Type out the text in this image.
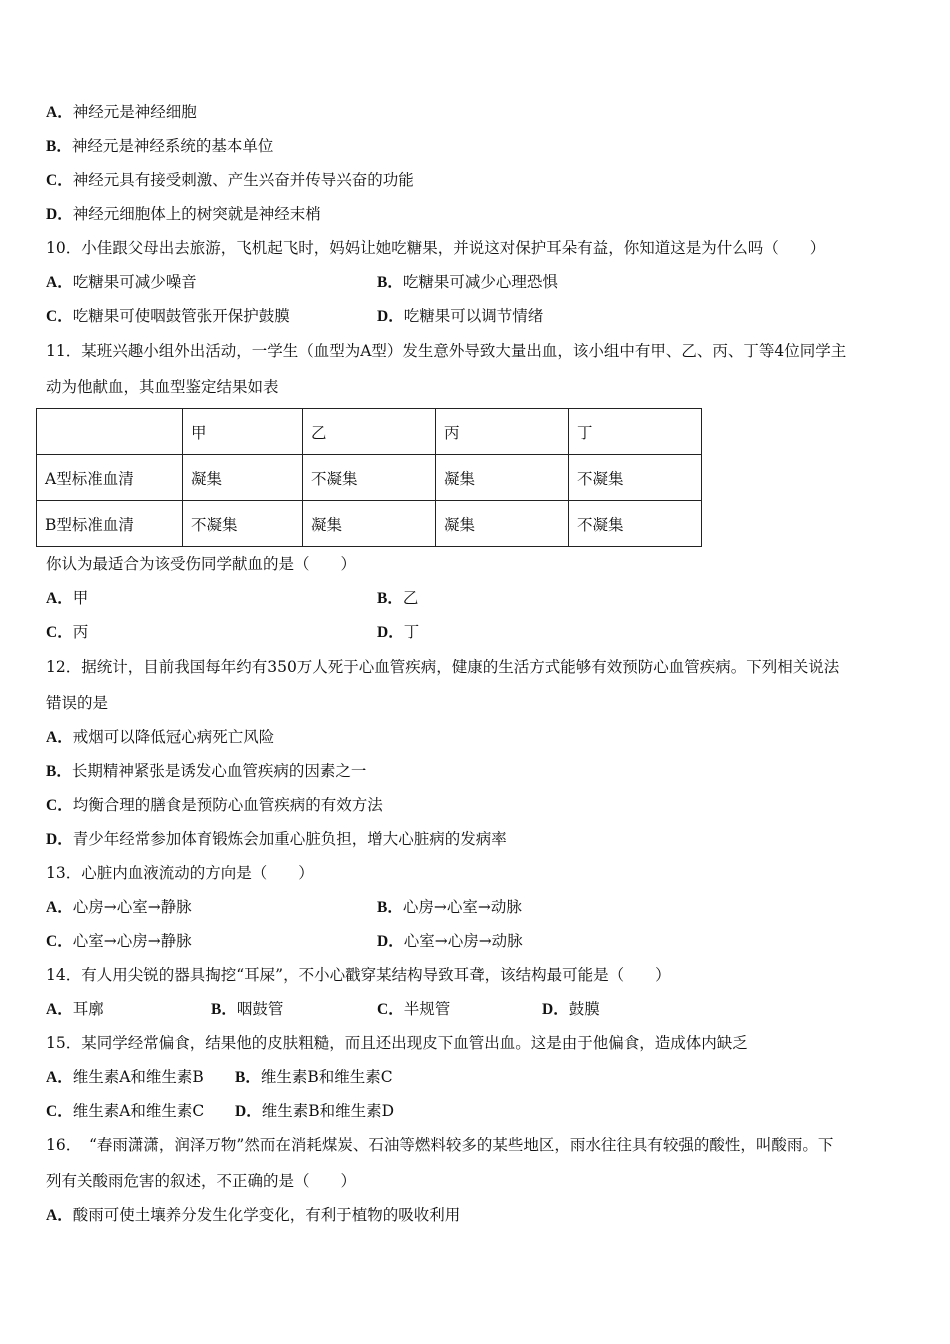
A．神经元是神经细胞
B．神经元是神经系统的基本单位
C．神经元具有接受刺激、产生兴奋并传导兴奋的功能
D．神经元细胞体上的树突就是神经末梢
10．小佳跟父母出去旅游，飞机起飞时，妈妈让她吃糖果，并说这对保护耳朵有益，你知道这是为什么吗（　　）
A．吃糖果可减少噪音	B．吃糖果可减少心理恐惧
C．吃糖果可使咽鼓管张开保护鼓膜	D．吃糖果可以调节情绪
11．某班兴趣小组外出活动，一学生（血型为A型）发生意外导致大量出血，该小组中有甲、乙、丙、丁等4位同学主
动为他献血，其血型鉴定结果如表
	甲	乙	丙	丁
A型标准血清	凝集	不凝集	凝集	不凝集
B型标准血清	不凝集	凝集	凝集	不凝集
你认为最适合为该受伤同学献血的是（　　）
A．甲	B．乙
C．丙	D．丁
12．据统计，目前我国每年约有350万人死于心血管疾病，健康的生活方式能够有效预防心血管疾病。下列相关说法
错误的是
A．戒烟可以降低冠心病死亡风险
B．长期精神紧张是诱发心血管疾病的因素之一
C．均衡合理的膳食是预防心血管疾病的有效方法
D．青少年经常参加体育锻炼会加重心脏负担，增大心脏病的发病率
13．心脏内血液流动的方向是（　　）
A．心房→心室→静脉	B．心房→心室→动脉
C．心室→心房→静脉	D．心室→心房→动脉
14．有人用尖锐的器具掏挖“耳屎”，不小心戳穿某结构导致耳聋，该结构最可能是（　　）
A．耳廓	B．咽鼓管	C．半规管	D．鼓膜
15．某同学经常偏食，结果他的皮肤粗糙，而且还出现皮下血管出血。这是由于他偏食，造成体内缺乏
A．维生素A和维生素B B．维生素B和维生素C
C．维生素A和维生素C D．维生素B和维生素D
16．　“春雨潇潇，润泽万物”然而在消耗煤炭、石油等燃料较多的某些地区，雨水往往具有较强的酸性，叫酸雨。下
列有关酸雨危害的叙述，不正确的是（　　）
A．酸雨可使土壤养分发生化学变化，有利于植物的吸收利用
